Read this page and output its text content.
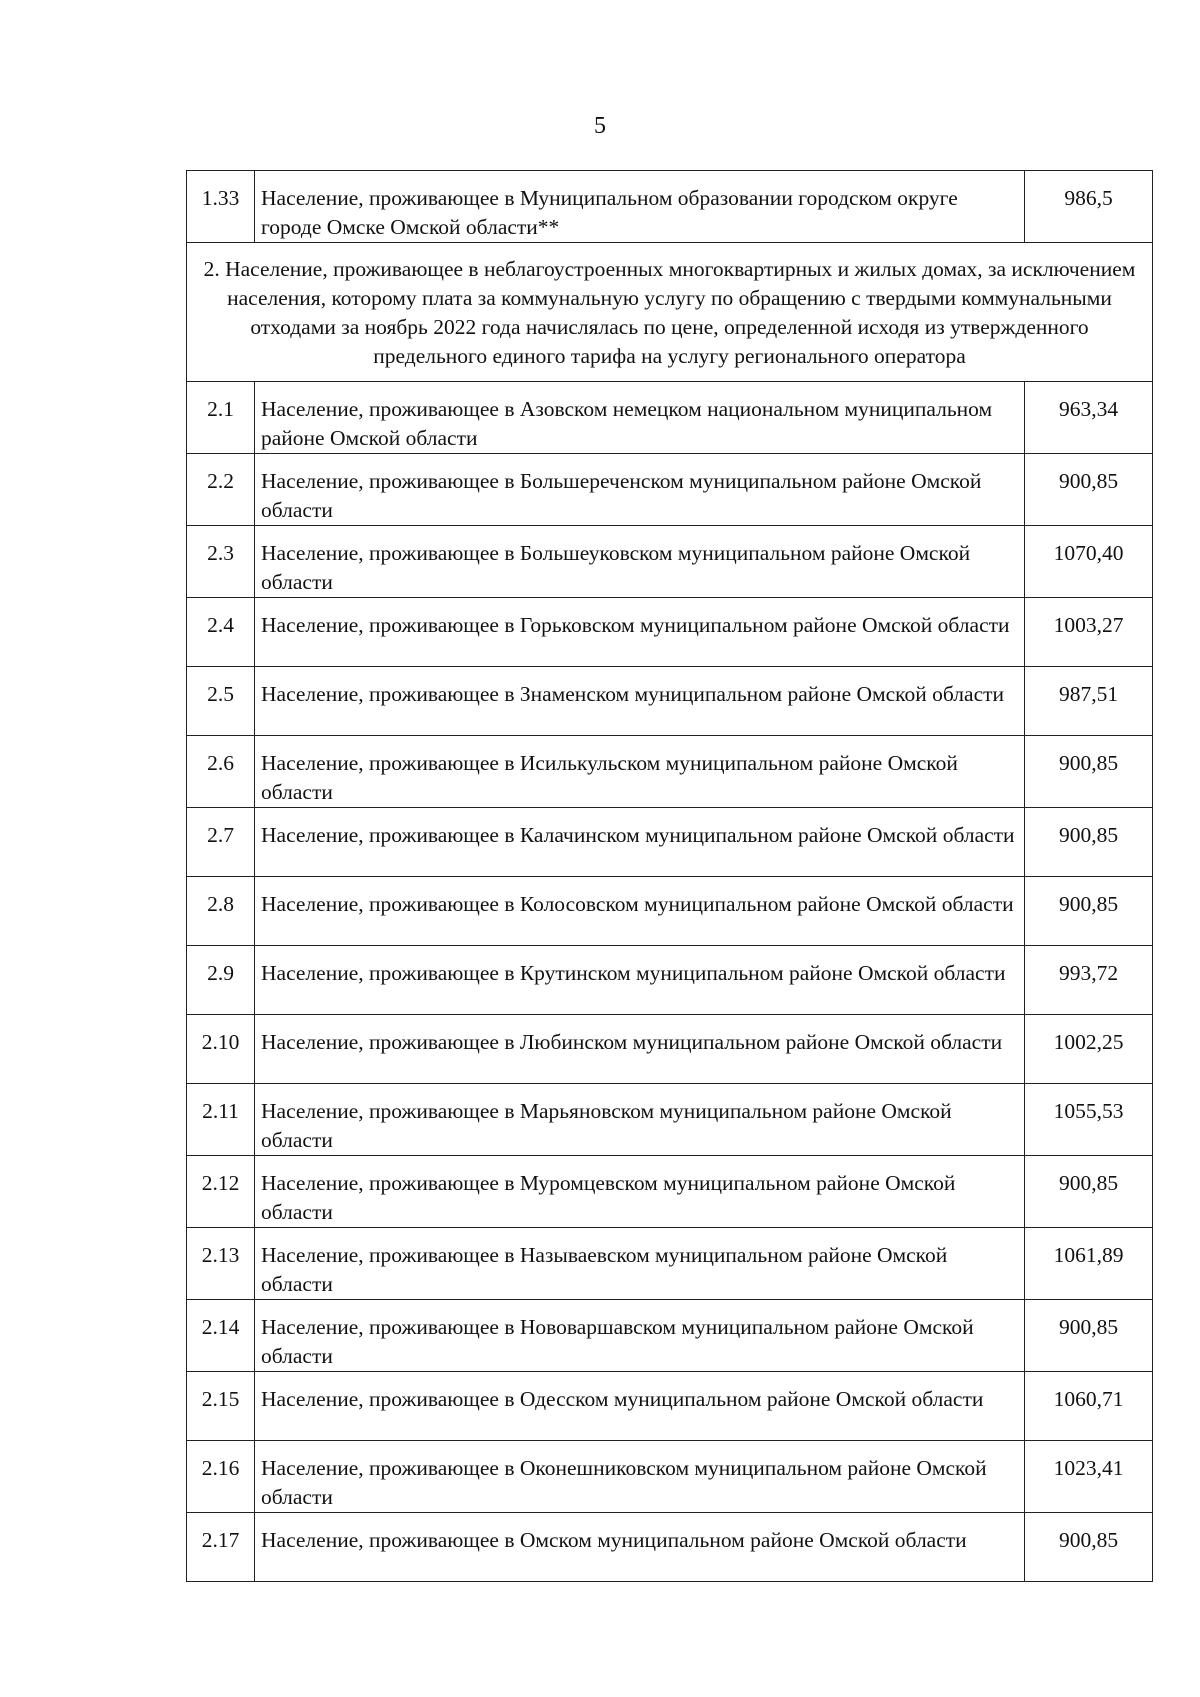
5
1.33	Население, проживающее в Муниципальном образовании городском округе городе Омске Омской области**	986,5
2. Население, проживающее в неблагоустроенных многоквартирных и жилых домах, за исключением населения, которому плата за коммунальную услугу по обращению с твердыми коммунальными отходами за ноябрь 2022 года начислялась по цене, определенной исходя из утвержденного предельного единого тарифа на услугу регионального оператора		
2.1	Население, проживающее в Азовском немецком национальном муниципальном районе Омской области	963,34
2.2	Население, проживающее в Большереченском муниципальном районе Омской области	900,85
2.3	Население, проживающее в Большеуковском муниципальном районе Омской области	1070,40
2.4	Население, проживающее в Горьковском муниципальном районе Омской области	1003,27
2.5	Население, проживающее в Знаменском муниципальном районе Омской области	987,51
2.6	Население, проживающее в Исилькульском муниципальном районе Омской области	900,85
2.7	Население, проживающее в Калачинском муниципальном районе Омской области	900,85
2.8	Население, проживающее в Колосовском муниципальном районе Омской области	900,85
2.9	Население, проживающее в Крутинском муниципальном районе Омской области	993,72
2.10	Население, проживающее в Любинском муниципальном районе Омской области	1002,25
2.11	Население, проживающее в Марьяновском муниципальном районе Омской области	1055,53
2.12	Население, проживающее в Муромцевском муниципальном районе Омской области	900,85
2.13	Население, проживающее в Называевском муниципальном районе Омской области	1061,89
2.14	Население, проживающее в Нововаршавском муниципальном районе Омской области	900,85
2.15	Население, проживающее в Одесском муниципальном районе Омской области	1060,71
2.16	Население, проживающее в Оконешниковском муниципальном районе Омской области	1023,41
2.17	Население, проживающее в Омском муниципальном районе Омской области	900,85
